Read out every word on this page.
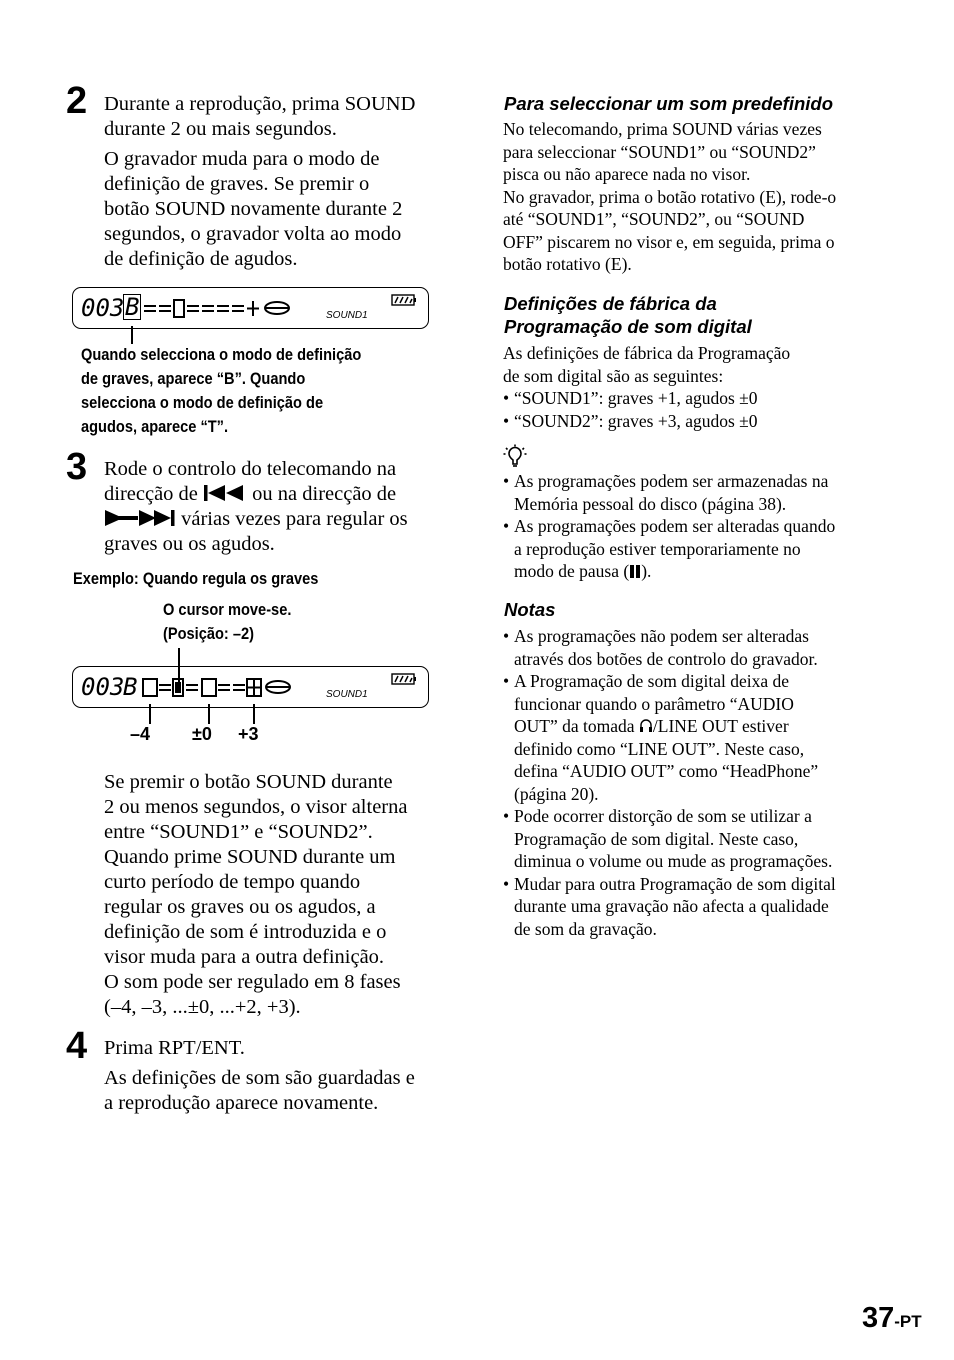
2 Durante a reprodução, prima SOUND
durante 2 ou mais segundos.
O gravador muda para o modo de
definição de graves. Se premir o
botão SOUND novamente durante 2
segundos, o gravador volta ao modo
de definição de agudos.
003 B	SOUND1
Quando selecciona o modo de definição
de graves, aparece “B”. Quando
selecciona o modo de definição de
agudos, aparece “T”.
3 Rode o controlo do telecomando na
direcção de	ou na direcção de
várias vezes para regular os
graves ou os agudos.
Exemplo: Quando regula os graves
O cursor move-se.
(Posição: –2)
003
B	SOUND1
–4 ±0 +3
Se premir o botão SOUND durante
2 ou menos segundos, o visor alterna
entre “SOUND1” e “SOUND2”.
Quando prime SOUND durante um
curto período de tempo quando
regular os graves ou os agudos, a
definição de som é introduzida e o
visor muda para a outra definição.
O som pode ser regulado em 8 fases
(–4, –3, ...±0, ...+2, +3).
4 Prima RPT/ENT.
As definições de som são guardadas e
a reprodução aparece novamente.
Para seleccionar um som predefinido
No telecomando, prima SOUND várias vezes
para seleccionar “SOUND1” ou “SOUND2”
pisca ou não aparece nada no visor.
No gravador, prima o botão rotativo (E), rode-o
até “SOUND1”, “SOUND2”, ou “SOUND
OFF” piscarem no visor e, em seguida, prima o
botão rotativo (E).
Definições de fábrica da
Programação de som digital
As definições de fábrica da Programação
de som digital são as seguintes:
• “SOUND1”: graves +1, agudos ±0
• “SOUND2”: graves +3, agudos ±0
• As programações podem ser armazenadas na
Memória pessoal do disco (página 38).
• As programações podem ser alteradas quando
a reprodução estiver temporariamente no
modo de pausa ( ).
Notas
• As programações não podem ser alteradas
através dos botões de controlo do gravador.
• A Programação de som digital deixa de
funcionar quando o parâmetro “AUDIO
OUT” da tomada /LINE OUT estiver
definido como “LINE OUT”. Neste caso,
defina “AUDIO OUT” como “HeadPhone”
(página 20).
• Pode ocorrer distorção de som se utilizar a
Programação de som digital. Neste caso,
diminua o volume ou mude as programações.
• Mudar para outra Programação de som digital
durante uma gravação não afecta a qualidade
de som da gravação.
37-PT
